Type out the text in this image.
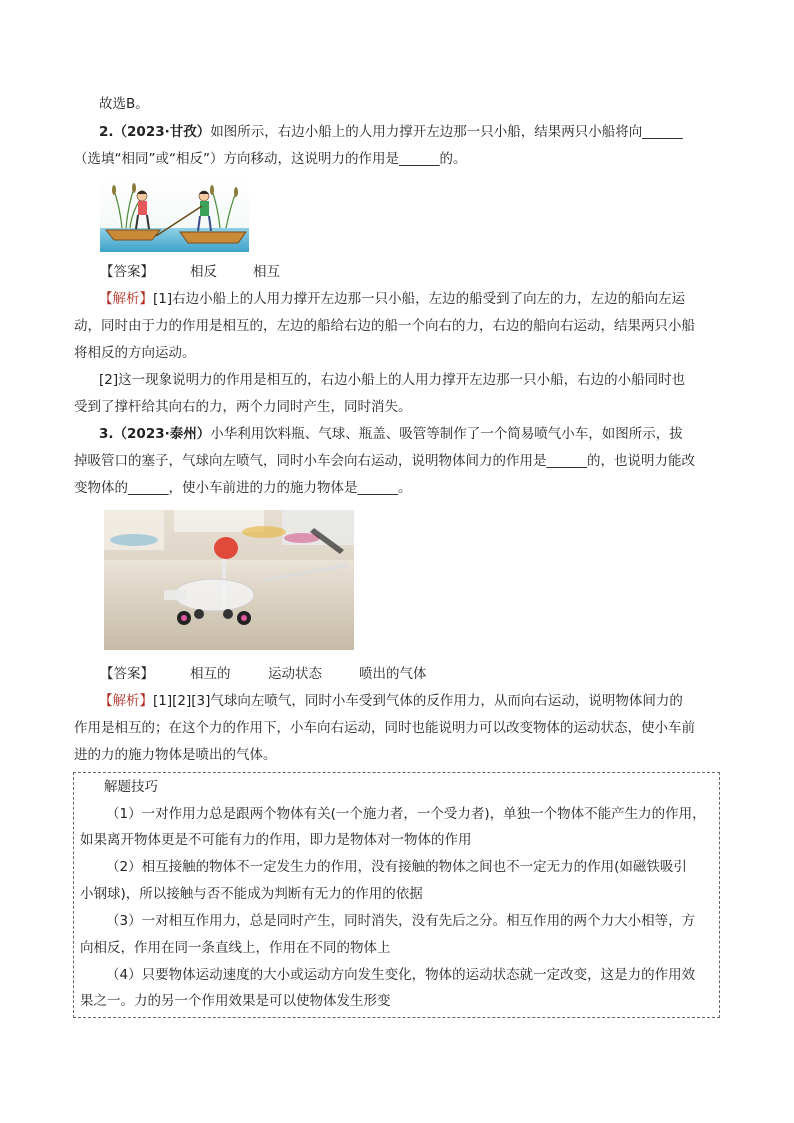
故选B。
2.（2023·甘孜）如图所示，右边小船上的人用力撑开左边那一只小船，结果两只小船将向______
（选填“相同”或“相反”）方向移动，这说明力的作用是______的。
【答案】	相反	相互
【解析】[1]右边小船上的人用力撑开左边那一只小船，左边的船受到了向左的力，左边的船向左运
动，同时由于力的作用是相互的，左边的船给右边的船一个向右的力，右边的船向右运动，结果两只小船
将相反的方向运动。
[2]这一现象说明力的作用是相互的，右边小船上的人用力撑开左边那一只小船，右边的小船同时也
受到了撑杆给其向右的力，两个力同时产生，同时消失。
3.（2023·泰州）小华利用饮料瓶、气球、瓶盖、吸管等制作了一个简易喷气小车，如图所示，拔
掉吸管口的塞子，气球向左喷气，同时小车会向右运动，说明物体间力的作用是______的，也说明力能改
变物体的______，使小车前进的力的施力物体是______。
【答案】	相互的	运动状态	喷出的气体
【解析】[1][2][3]气球向左喷气，同时小车受到气体的反作用力，从而向右运动，说明物体间力的
作用是相互的；在这个力的作用下，小车向右运动，同时也能说明力可以改变物体的运动状态，使小车前
进的力的施力物体是喷出的气体。
解题技巧
（1）一对作用力总是跟两个物体有关(一个施力者，一个受力者)，单独一个物体不能产生力的作用，
如果离开物体更是不可能有力的作用，即力是物体对一物体的作用
（2）相互接触的物体不一定发生力的作用，没有接触的物体之间也不一定无力的作用(如磁铁吸引
小钢球)，所以接触与否不能成为判断有无力的作用的依据
（3）一对相互作用力，总是同时产生，同时消失，没有先后之分。相互作用的两个力大小相等，方
向相反，作用在同一条直线上，作用在不同的物体上
（4）只要物体运动速度的大小或运动方向发生变化，物体的运动状态就一定改变，这是力的作用效
果之一。力的另一个作用效果是可以使物体发生形变
